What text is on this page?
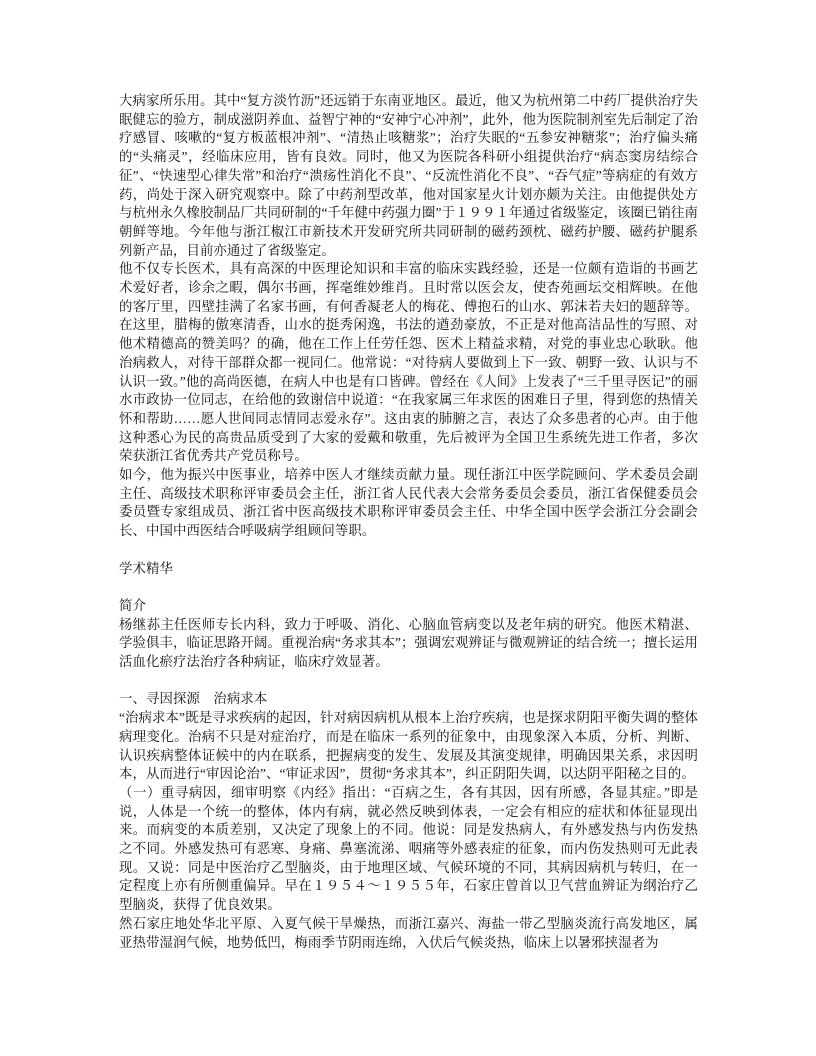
大病家所乐用。其中“复方淡竹沥”还远销于东南亚地区。最近，他又为杭州第二中药厂提供治疗失眠健忘的验方，制成滋阴养血、益智宁神的“安神宁心冲剂”，此外，他为医院制剂室先后制定了治疗感冒、咳嗽的“复方板蓝根冲剂”、“清热止咳糖浆”；治疗失眠的“五参安神糖浆”；治疗偏头痛的“头痛灵”，经临床应用，皆有良效。同时，他又为医院各科研小组提供治疗“病态窦房结综合征”、“快速型心律失常”和治疗“溃疡性消化不良”、“反流性消化不良”、“吞气症”等病症的有效方药，尚处于深入研究观察中。除了中药剂型改革，他对国家星火计划亦颇为关注。由他提供处方与杭州永久橡胶制品厂共同研制的“千年健中药强力圈”于１９９１年通过省级鉴定，该圈已销往南朝鲜等地。今年他与浙江椒江市新技术开发研究所共同研制的磁药颈枕、磁药护腰、磁药护腿系列新产品，目前亦通过了省级鉴定。

他不仅专长医术，具有高深的中医理论知识和丰富的临床实践经验，还是一位颇有造诣的书画艺术爱好者，诊余之暇，偶尔书画，挥毫维妙维肖。且时常以医会友，使杏苑画坛交相辉映。在他的客厅里，四壁挂满了名家书画，有何香凝老人的梅花、傅抱石的山水、郭沫若夫妇的题辞等。在这里，腊梅的傲寒清香，山水的挺秀闲逸，书法的遒劲豪放，不正是对他高洁品性的写照、对他术精德高的赞美吗？的确，他在工作上任劳任怨、医术上精益求精，对党的事业忠心耿耿。他治病救人，对待干部群众都一视同仁。他常说：“对待病人要做到上下一致、朝野一致、认识与不认识一致。”他的高尚医德，在病人中也是有口皆碑。曾经在《人间》上发表了“三千里寻医记”的丽水市政协一位同志，在给他的致谢信中说道：“在我家属三年求医的困难日子里，得到您的热情关怀和帮助……愿人世间同志情同志爱永存”。这由衷的肺腑之言，表达了众多患者的心声。由于他这种悉心为民的高贵品质受到了大家的爱戴和敬重，先后被评为全国卫生系统先进工作者，多次荣获浙江省优秀共产党员称号。

如今，他为振兴中医事业，培养中医人才继续贡献力量。现任浙江中医学院顾问、学术委员会副主任、高级技术职称评审委员会主任，浙江省人民代表大会常务委员会委员，浙江省保健委员会委员暨专家组成员、浙江省中医高级技术职称评审委员会主任、中华全国中医学会浙江分会副会长、中国中西医结合呼吸病学组顾问等职。

学术精华
简介

杨继荪主任医师专长内科，致力于呼吸、消化、心脑血管病变以及老年病的研究。他医术精湛、学验俱丰，临证思路开阔。重视治病“务求其本”；强调宏观辨证与微观辨证的结合统一；擅长运用活血化瘀疗法治疗各种病证，临床疗效显著。

一、寻因探源　治病求本

“治病求本”既是寻求疾病的起因，针对病因病机从根本上治疗疾病，也是探求阴阳平衡失调的整体病理变化。治病不只是对症治疗，而是在临床一系列的征象中，由现象深入本质，分析、判断、认识疾病整体证候中的内在联系，把握病变的发生、发展及其演变规律，明确因果关系，求因明本，从而进行“审因论治”、“审证求因”，贯彻“务求其本”，纠正阴阳失调，以达阴平阳秘之目的。

（一）重寻病因，细审明察《内经》指出：“百病之生，各有其因，因有所感，各显其症。”即是说，人体是一个统一的整体，体内有病，就必然反映到体表，一定会有相应的症状和体征显现出来。而病变的本质差别，又决定了现象上的不同。他说：同是发热病人，有外感发热与内伤发热之不同。外感发热可有恶寒、身痛、鼻塞流涕、咽痛等外感表症的征象，而内伤发热则可无此表现。又说：同是中医治疗乙型脑炎，由于地理区域、气候环境的不同，其病因病机与转归，在一定程度上亦有所侧重偏异。早在１９５４～１９５５年，石家庄曾首以卫气营血辨证为纲治疗乙型脑炎，获得了优良效果。

然石家庄地处华北平原、入夏气候干旱燥热，而浙江嘉兴、海盐一带乙型脑炎流行高发地区，属亚热带湿润气候，地势低凹，梅雨季节阴雨连绵，入伏后气候炎热，临床上以暑邪挟湿者为
